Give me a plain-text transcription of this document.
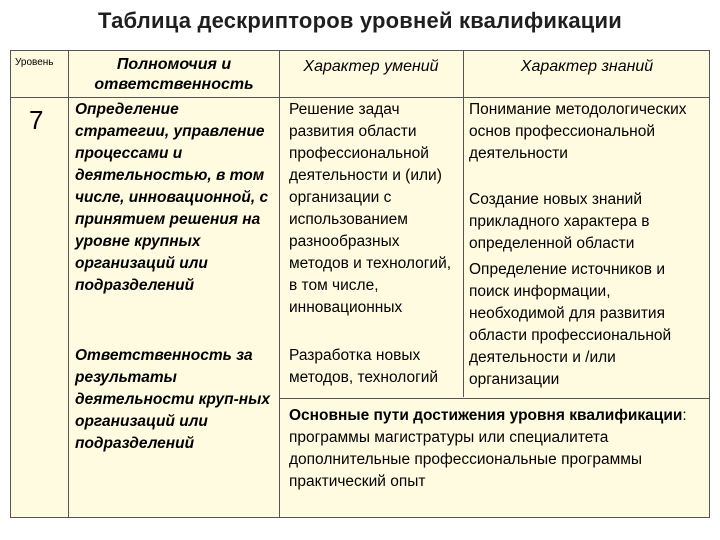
Таблица дескрипторов уровней квалификации
Уровень	Полномочия и ответственность
Характер умений	Характер знаний
7 Определение стратегии, управление процессами и деятельностью, в том числе, инновационной, с принятием решения на уровне крупных организаций или подразделений
Ответственность за результаты деятельности круп-ных организаций или подразделений
Решение задач развития области профессиональной деятельности и (или) организации с использованием разнообразных методов и технологий, в том числе, инновационных
Разработка новых методов, технологий
Понимание методологических основ профессиональной деятельности
Создание новых знаний прикладного характера в определенной области
Определение источников и поиск информации, необходимой для развития области профессиональной деятельности и /или организации

Основные пути достижения уровня квалификации:

программы магистратуры или специалитета

дополнительные профессиональные программы

практический опыт
